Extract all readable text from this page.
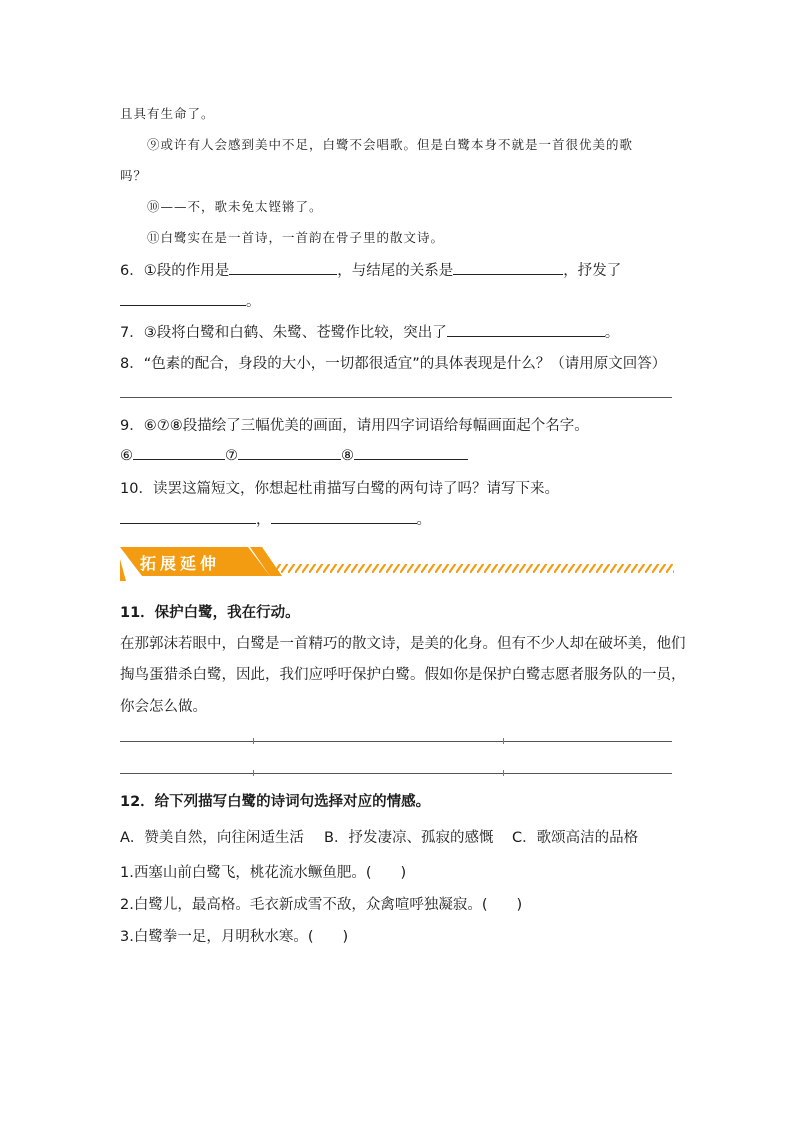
且具有生命了。
⑨或许有人会感到美中不足，白鹭不会唱歌。但是白鹭本身不就是一首很优美的歌
吗？
⑩——不，歌未免太铿锵了。
⑪白鹭实在是一首诗，一首韵在骨子里的散文诗。
6．①段的作用是	，与结尾的关系是	，抒发了
。
7．③段将白鹭和白鹤、朱鹭、苍鹭作比较，突出了	。
8．“色素的配合，身段的大小，一切都很适宜”的具体表现是什么？（请用原文回答）
9．⑥⑦⑧段描绘了三幅优美的画面，请用四字词语给每幅画面起个名字。
⑥	⑦	⑧
10．读罢这篇短文，你想起杜甫描写白鹭的两句诗了吗？请写下来。
，	。
拓展延伸
11．保护白鹭，我在行动。
在那郭沫若眼中，白鹭是一首精巧的散文诗，是美的化身。但有不少人却在破坏美，他们
掏鸟蛋猎杀白鹭，因此，我们应呼吁保护白鹭。假如你是保护白鹭志愿者服务队的一员，
你会怎么做。
12．给下列描写白鹭的诗词句选择对应的情感。
A．赞美自然，向往闲适生活 B．抒发凄凉、孤寂的感慨 C．歌颂高洁的品格
1.西塞山前白鹭飞，桃花流水鳜鱼肥。(　　)
2.白鹭儿，最高格。毛衣新成雪不敌，众禽喧呼独凝寂。(　　)
3.白鹭拳一足，月明秋水寒。(　　)
